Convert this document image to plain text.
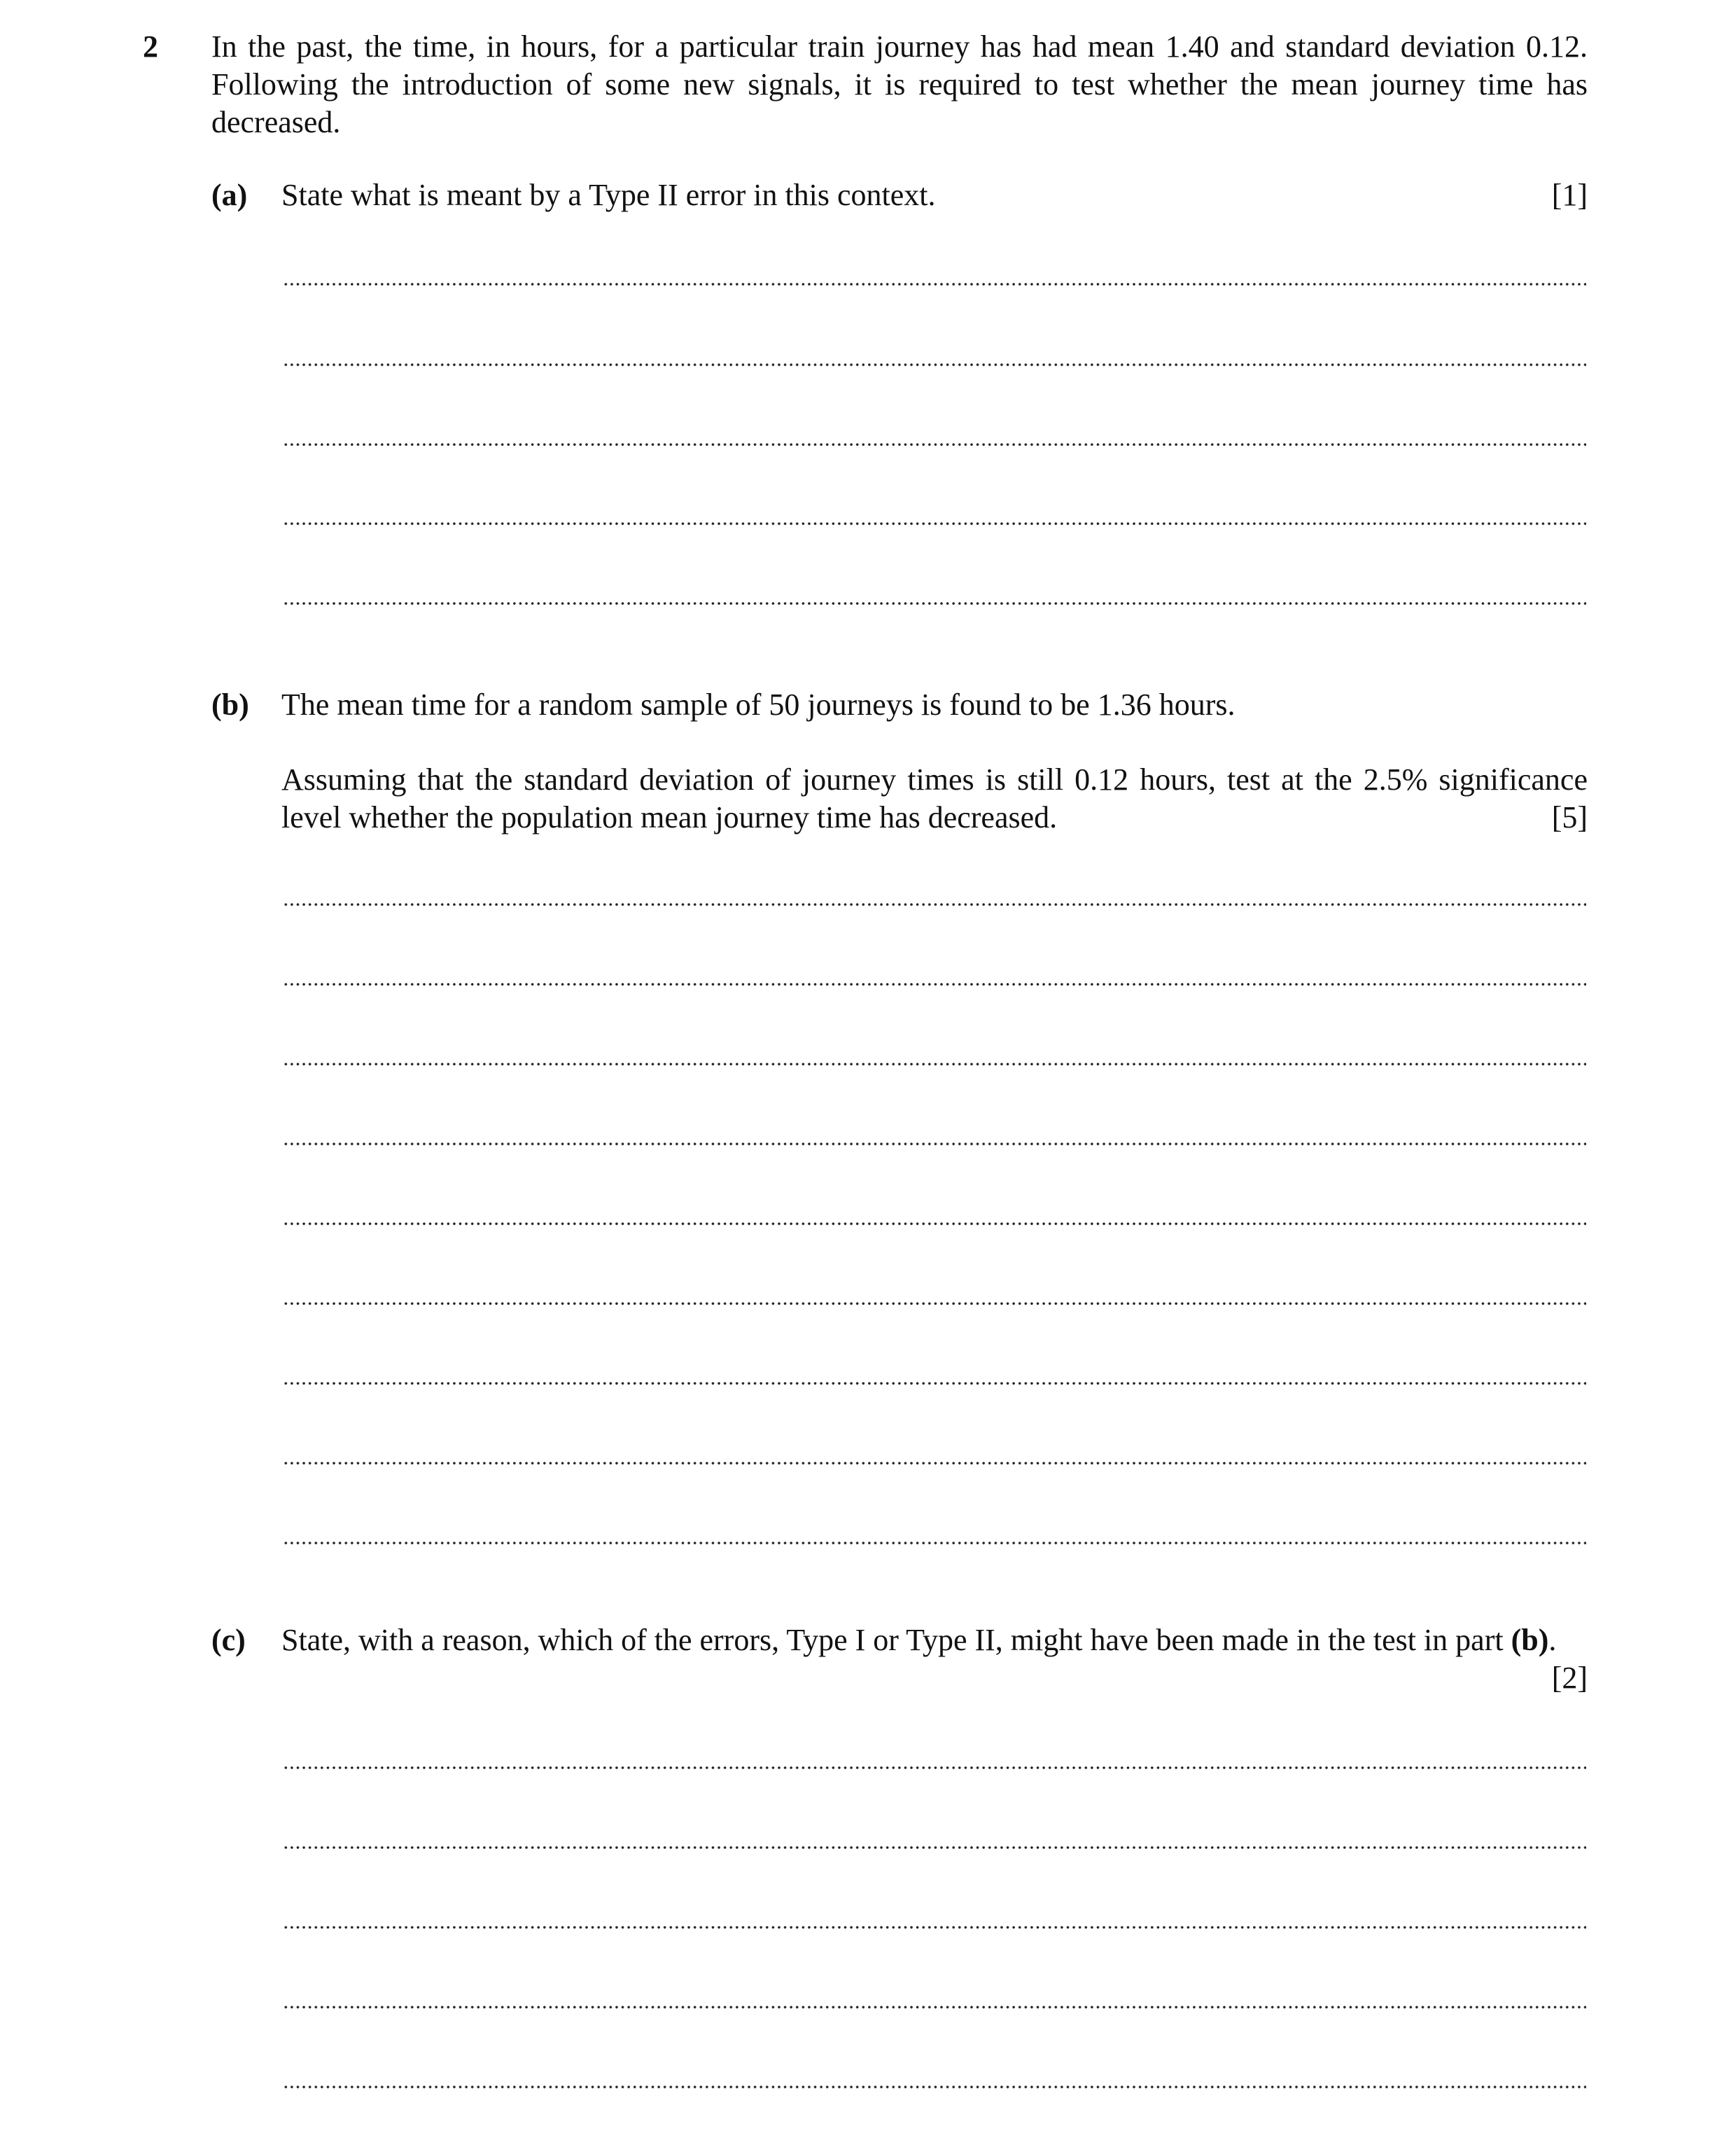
2 In the past, the time, in hours, for a particular train journey has had mean 1.40 and standard deviation 0.12. Following the introduction of some new signals, it is required to test whether the mean journey time has decreased.
(a) State what is meant by a Type II error in this context.	[1]
(b) The mean time for a random sample of 50 journeys is found to be 1.36 hours.
Assuming that the standard deviation of journey times is still 0.12 hours, test at the 2.5% significance level whether the population mean journey time has decreased.	[5]
(c) State, with a reason, which of the errors, Type I or Type II, might have been made in the test in part (b).
[2]
